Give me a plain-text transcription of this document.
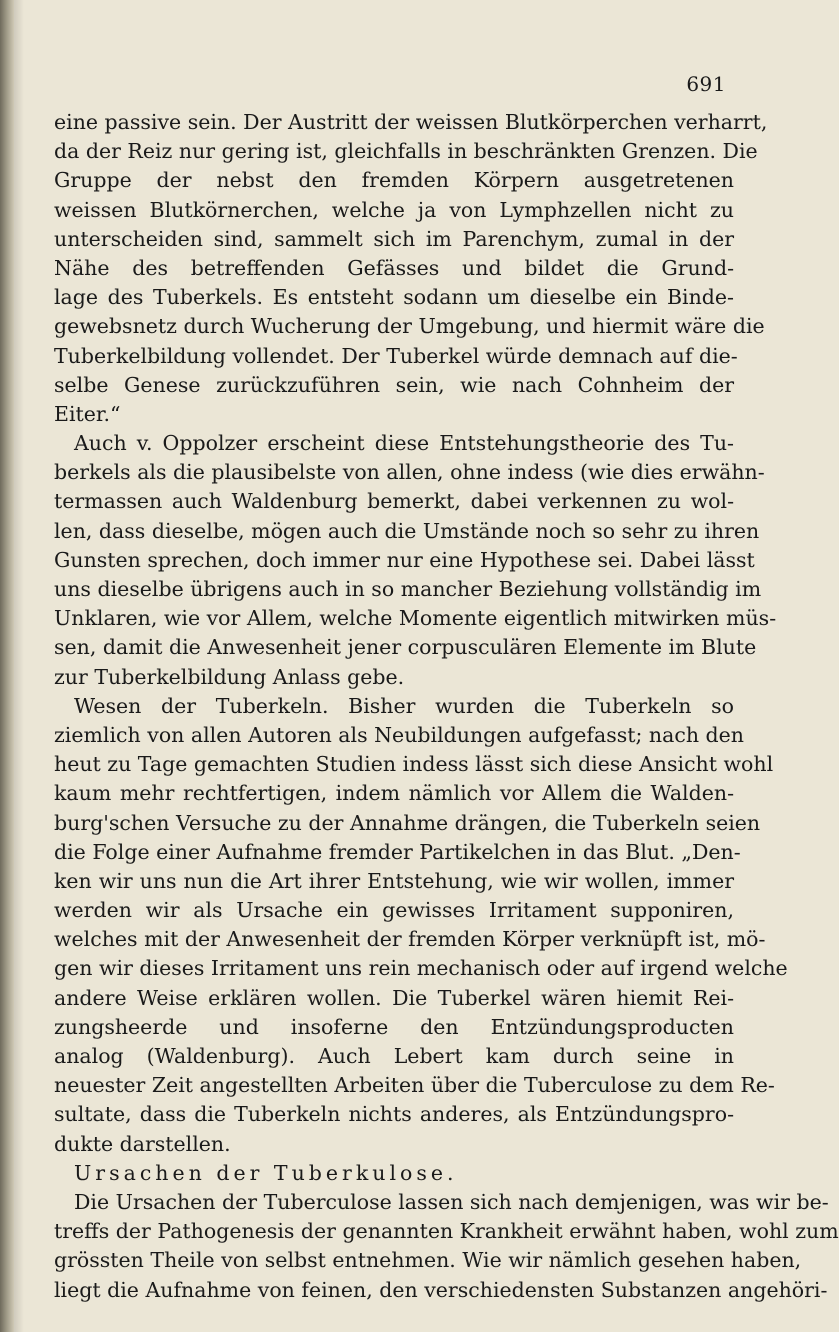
691

eine passive sein. Der Austritt der weissen Blutkörperchen verharrt,
da der Reiz nur gering ist, gleichfalls in beschränkten Grenzen. Die
Gruppe der nebst den fremden Körpern ausgetretenen
weissen Blutkörnerchen, welche ja von Lymphzellen nicht zu
unterscheiden sind, sammelt sich im Parenchym, zumal in der
Nähe des betreffenden Gefässes und bildet die Grund-
lage des Tuberkels. Es entsteht sodann um dieselbe ein Binde-
gewebsnetz durch Wucherung der Umgebung, und hiermit wäre die
Tuberkelbildung vollendet. Der Tuberkel würde demnach auf die-
selbe Genese zurückzuführen sein, wie nach Cohnheim der
Eiter.“
Auch v. Oppolzer erscheint diese Entstehungstheorie des Tu-
berkels als die plausibelste von allen, ohne indess (wie dies erwähn-
termassen auch Waldenburg bemerkt, dabei verkennen zu wol-
len, dass dieselbe, mögen auch die Umstände noch so sehr zu ihren
Gunsten sprechen, doch immer nur eine Hypothese sei. Dabei lässt
uns dieselbe übrigens auch in so mancher Beziehung vollständig im
Unklaren, wie vor Allem, welche Momente eigentlich mitwirken müs-
sen, damit die Anwesenheit jener corpusculären Elemente im Blute
zur Tuberkelbildung Anlass gebe.
Wesen der Tuberkeln. Bisher wurden die Tuberkeln so
ziemlich von allen Autoren als Neubildungen aufgefasst; nach den
heut zu Tage gemachten Studien indess lässt sich diese Ansicht wohl
kaum mehr rechtfertigen, indem nämlich vor Allem die Walden-
burg'schen Versuche zu der Annahme drängen, die Tuberkeln seien
die Folge einer Aufnahme fremder Partikelchen in das Blut. „Den-
ken wir uns nun die Art ihrer Entstehung, wie wir wollen, immer
werden wir als Ursache ein gewisses Irritament supponiren,
welches mit der Anwesenheit der fremden Körper verknüpft ist, mö-
gen wir dieses Irritament uns rein mechanisch oder auf irgend welche
andere Weise erklären wollen. Die Tuberkel wären hiemit Rei-
zungsheerde und insoferne den Entzündungsproducten
analog (Waldenburg). Auch Lebert kam durch seine in
neuester Zeit angestellten Arbeiten über die Tuberculose zu dem Re-
sultate, dass die Tuberkeln nichts anderes, als Entzündungspro-
dukte darstellen.
Ursachen der Tuberkulose.
Die Ursachen der Tuberculose lassen sich nach demjenigen, was wir be-
treffs der Pathogenesis der genannten Krankheit erwähnt haben, wohl zum
grössten Theile von selbst entnehmen. Wie wir nämlich gesehen haben,
liegt die Aufnahme von feinen, den verschiedensten Substanzen angehöri-
